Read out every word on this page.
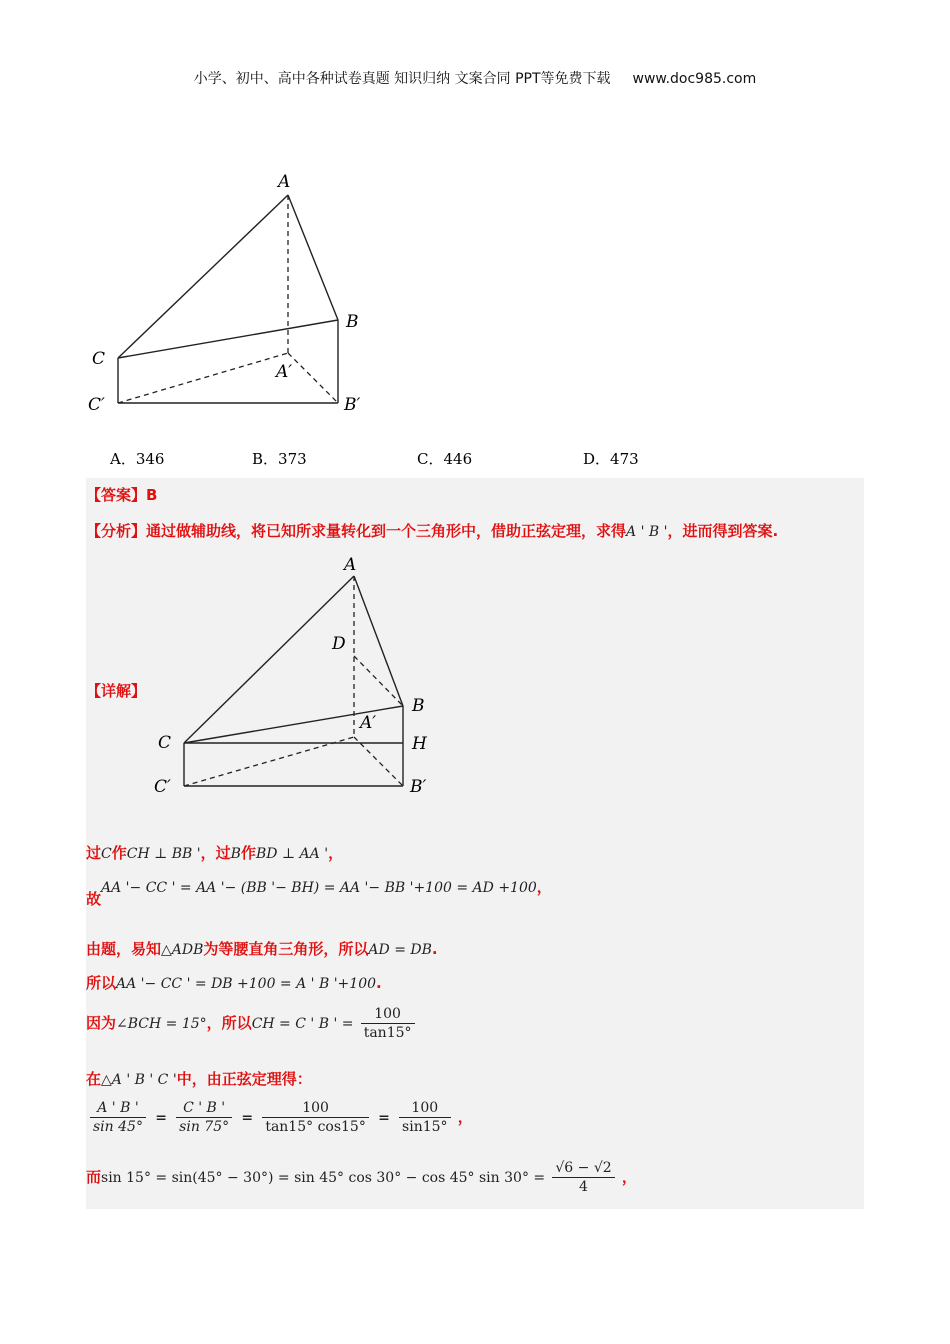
小学、初中、高中各种试卷真题 知识归纳 文案合同 PPT等免费下载 www.doc985.com
A
B
C
A′
B′
C′
A．346	B．373	C．446	D．473
【答案】B
【分析】通过做辅助线，将已知所求量转化到一个三角形中，借助正弦定理，求得A ' B '，进而得到答案.
A
D
B
A′
C	H
C′	B′
【详解】
过C作CH ⊥ BB '，过B作BD ⊥ AA '，
故AA '− CC ' = AA '− (BB '− BH) = AA '− BB '+100 = AD +100，
由题，易知△ADB为等腰直角三角形，所以AD = DB.
所以AA '− CC ' = DB +100 = A ' B '+100.
因为∠BCH = 15°，所以CH = C ' B ' = $\frac{100}{\tan 15^\circ}$
在△A ' B ' C '中，由正弦定理得：
$\frac{A ' B '}{\sin 45^\circ} = \frac{C ' B '}{\sin 75^\circ} = \frac{100}{\tan 15^\circ \cos 15^\circ} = \frac{100}{\sin 15^\circ}$ ，
而sin 15° = sin(45° − 30°) = sin 45° cos 30° − cos 45° $\sin 30^\circ = \frac{√6 - √2}{4}$ ，
